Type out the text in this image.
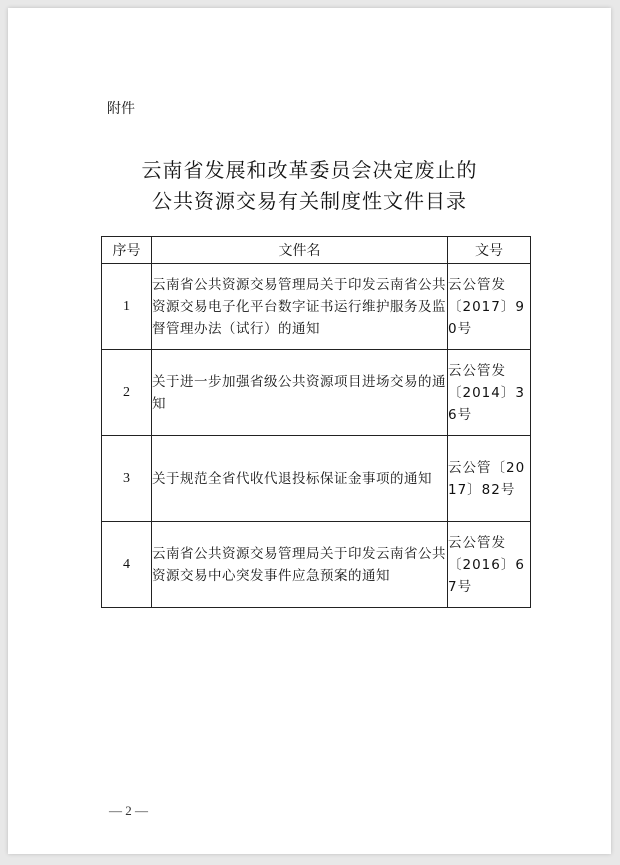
附件
云南省发展和改革委员会决定废止的
公共资源交易有关制度性文件目录
序号	文件名	文号
1	云南省公共资源交易管理局关于印发云南省公共资源交易电子化平台数字证书运行维护服务及监督管理办法（试行）的通知	云公管发〔2017〕90号
2	关于进一步加强省级公共资源项目进场交易的通知	云公管发〔2014〕36号
3	关于规范全省代收代退投标保证金事项的通知	云公管〔2017〕82号
4	云南省公共资源交易管理局关于印发云南省公共资源交易中心突发事件应急预案的通知	云公管发〔2016〕67号
— 2 —
